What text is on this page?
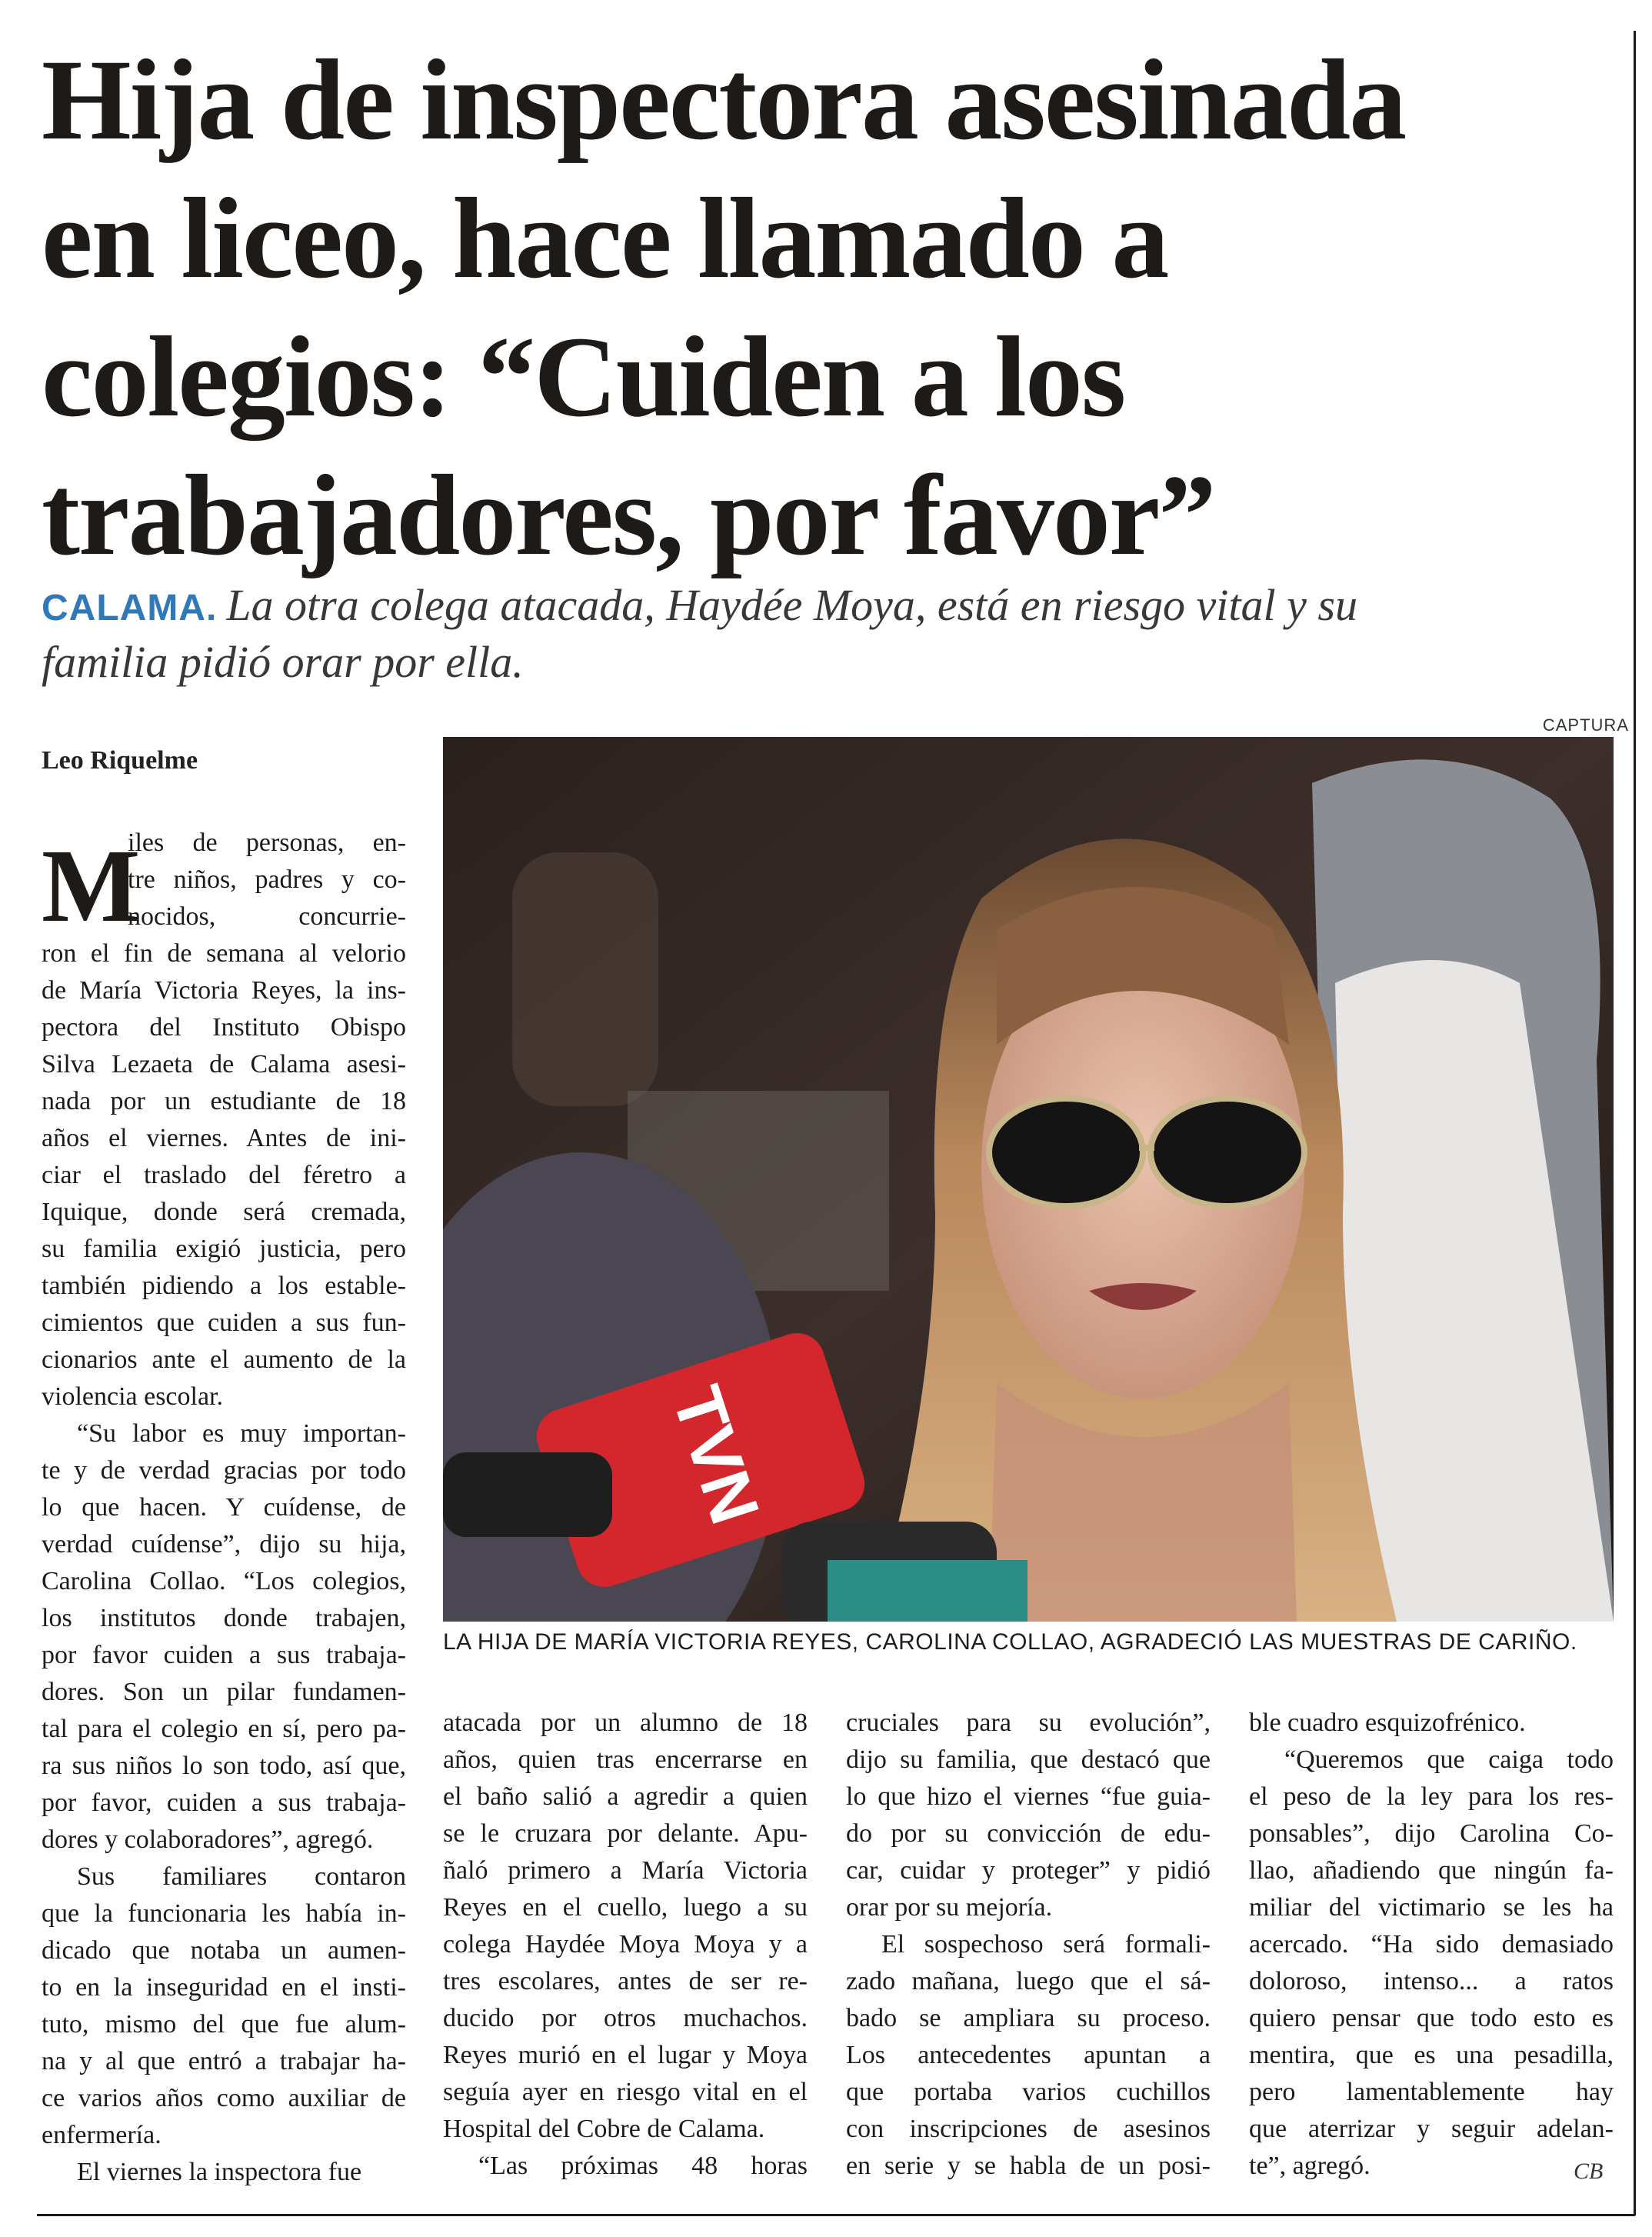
Hija de inspectora asesinada
en liceo, hace llamado a
colegios: “Cuiden a los
trabajadores, por favor”
CALAMA. La otra colega atacada, Haydée Moya, está en riesgo vital y su
familia pidió orar por ella.
CAPTURA
Leo Riquelme
TVN
LA HIJA DE MARÍA VICTORIA REYES, CAROLINA COLLAO, AGRADECIÓ LAS MUESTRAS DE CARIÑO.
M
iles de personas, en-
tre niños, padres y co-
nocidos, concurrie-
ron el fin de semana al velorio
de María Victoria Reyes, la ins-
pectora del Instituto Obispo
Silva Lezaeta de Calama asesi-
nada por un estudiante de 18
años el viernes. Antes de ini-
ciar el traslado del féretro a
Iquique, donde será cremada,
su familia exigió justicia, pero
también pidiendo a los estable-
cimientos que cuiden a sus fun-
cionarios ante el aumento de la
violencia escolar.
“Su labor es muy importan-
te y de verdad gracias por todo
lo que hacen. Y cuídense, de
verdad cuídense”, dijo su hija,
Carolina Collao. “Los colegios,
los institutos donde trabajen,
por favor cuiden a sus trabaja-
dores. Son un pilar fundamen-
tal para el colegio en sí, pero pa-
ra sus niños lo son todo, así que,
por favor, cuiden a sus trabaja-
dores y colaboradores”, agregó.
Sus familiares contaron
que la funcionaria les había in-
dicado que notaba un aumen-
to en la inseguridad en el insti-
tuto, mismo del que fue alum-
na y al que entró a trabajar ha-
ce varios años como auxiliar de
enfermería.
El viernes la inspectora fue
atacada por un alumno de 18
años, quien tras encerrarse en
el baño salió a agredir a quien
se le cruzara por delante. Apu-
ñaló primero a María Victoria
Reyes en el cuello, luego a su
colega Haydée Moya Moya y a
tres escolares, antes de ser re-
ducido por otros muchachos.
Reyes murió en el lugar y Moya
seguía ayer en riesgo vital en el
Hospital del Cobre de Calama.
“Las próximas 48 horas
cruciales para su evolución”,
dijo su familia, que destacó que
lo que hizo el viernes “fue guia-
do por su convicción de edu-
car, cuidar y proteger” y pidió
orar por su mejoría.
El sospechoso será formali-
zado mañana, luego que el sá-
bado se ampliara su proceso.
Los antecedentes apuntan a
que portaba varios cuchillos
con inscripciones de asesinos
en serie y se habla de un posi-
ble cuadro esquizofrénico.
“Queremos que caiga todo
el peso de la ley para los res-
ponsables”, dijo Carolina Co-
llao, añadiendo que ningún fa-
miliar del victimario se les ha
acercado. “Ha sido demasiado
doloroso, intenso... a ratos
quiero pensar que todo esto es
mentira, que es una pesadilla,
pero lamentablemente hay
que aterrizar y seguir adelan-
te”, agregó.	CB
